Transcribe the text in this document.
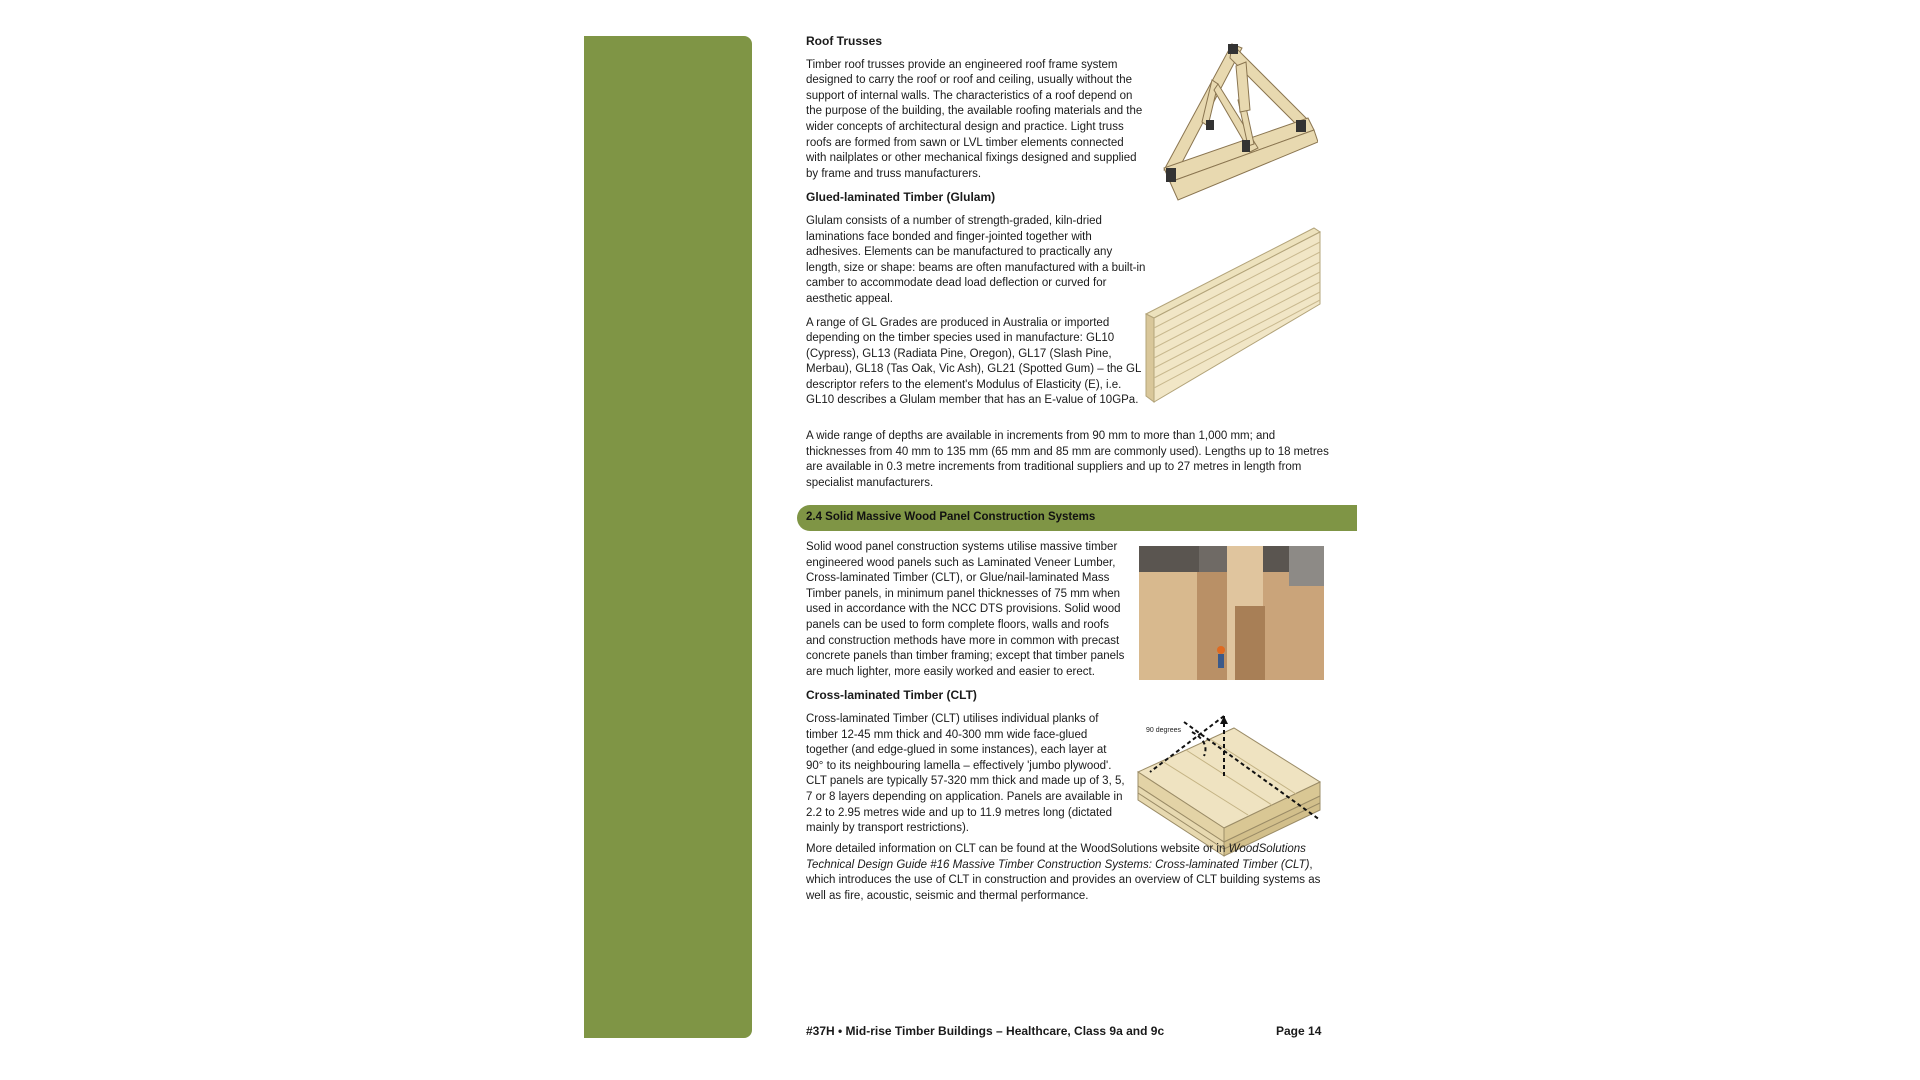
Roof Trusses

Timber roof trusses provide an engineered roof frame system designed to carry the roof or roof and ceiling, usually without the support of internal walls. The characteristics of a roof depend on the purpose of the building, the available roofing materials and the wider concepts of architectural design and practice. Light truss roofs are formed from sawn or LVL timber elements connected with nailplates or other mechanical fixings designed and supplied by frame and truss manufacturers.

Glued-laminated Timber (Glulam)

Glulam consists of a number of strength-graded, kiln-dried laminations face bonded and finger-jointed together with adhesives. Elements can be manufactured to practically any length, size or shape: beams are often manufactured with a built-in camber to accommodate dead load deflection or curved for aesthetic appeal.

A range of GL Grades are produced in Australia or imported depending on the timber species used in manufacture: GL10 (Cypress), GL13 (Radiata Pine, Oregon), GL17 (Slash Pine, Merbau), GL18 (Tas Oak, Vic Ash), GL21 (Spotted Gum) – the GL descriptor refers to the element's Modulus of Elasticity (E), i.e. GL10 describes a Glulam member that has an E-value of 10GPa.

A wide range of depths are available in increments from 90 mm to more than 1,000 mm; and thicknesses from 40 mm to 135 mm (65 mm and 85 mm are commonly used). Lengths up to 18 metres are available in 0.3 metre increments from traditional suppliers and up to 27 metres in length from specialist manufacturers.

2.4 Solid Massive Wood Panel Construction Systems

Solid wood panel construction systems utilise massive timber engineered wood panels such as Laminated Veneer Lumber, Cross-laminated Timber (CLT), or Glue/nail-laminated Mass Timber panels, in minimum panel thicknesses of 75 mm when used in accordance with the NCC DTS provisions. Solid wood panels can be used to form complete floors, walls and roofs and construction methods have more in common with precast concrete panels than timber framing; except that timber panels are much lighter, more easily worked and easier to erect.

Cross-laminated Timber (CLT)

Cross-laminated Timber (CLT) utilises individual planks of timber 12-45 mm thick and 40-300 mm wide face-glued together (and edge-glued in some instances), each layer at 90° to its neighbouring lamella – effectively 'jumbo plywood'. CLT panels are typically 57-320 mm thick and made up of 3, 5, 7 or 8 layers depending on application. Panels are available in 2.2 to 2.95 metres wide and up to 11.9 metres long (dictated mainly by transport restrictions).

90 degrees

More detailed information on CLT can be found at the WoodSolutions website or in WoodSolutions Technical Design Guide #16 Massive Timber Construction Systems: Cross-laminated Timber (CLT), which introduces the use of CLT in construction and provides an overview of CLT building systems as well as fire, acoustic, seismic and thermal performance.

#37H • Mid-rise Timber Buildings – Healthcare, Class 9a and 9c	Page 14
